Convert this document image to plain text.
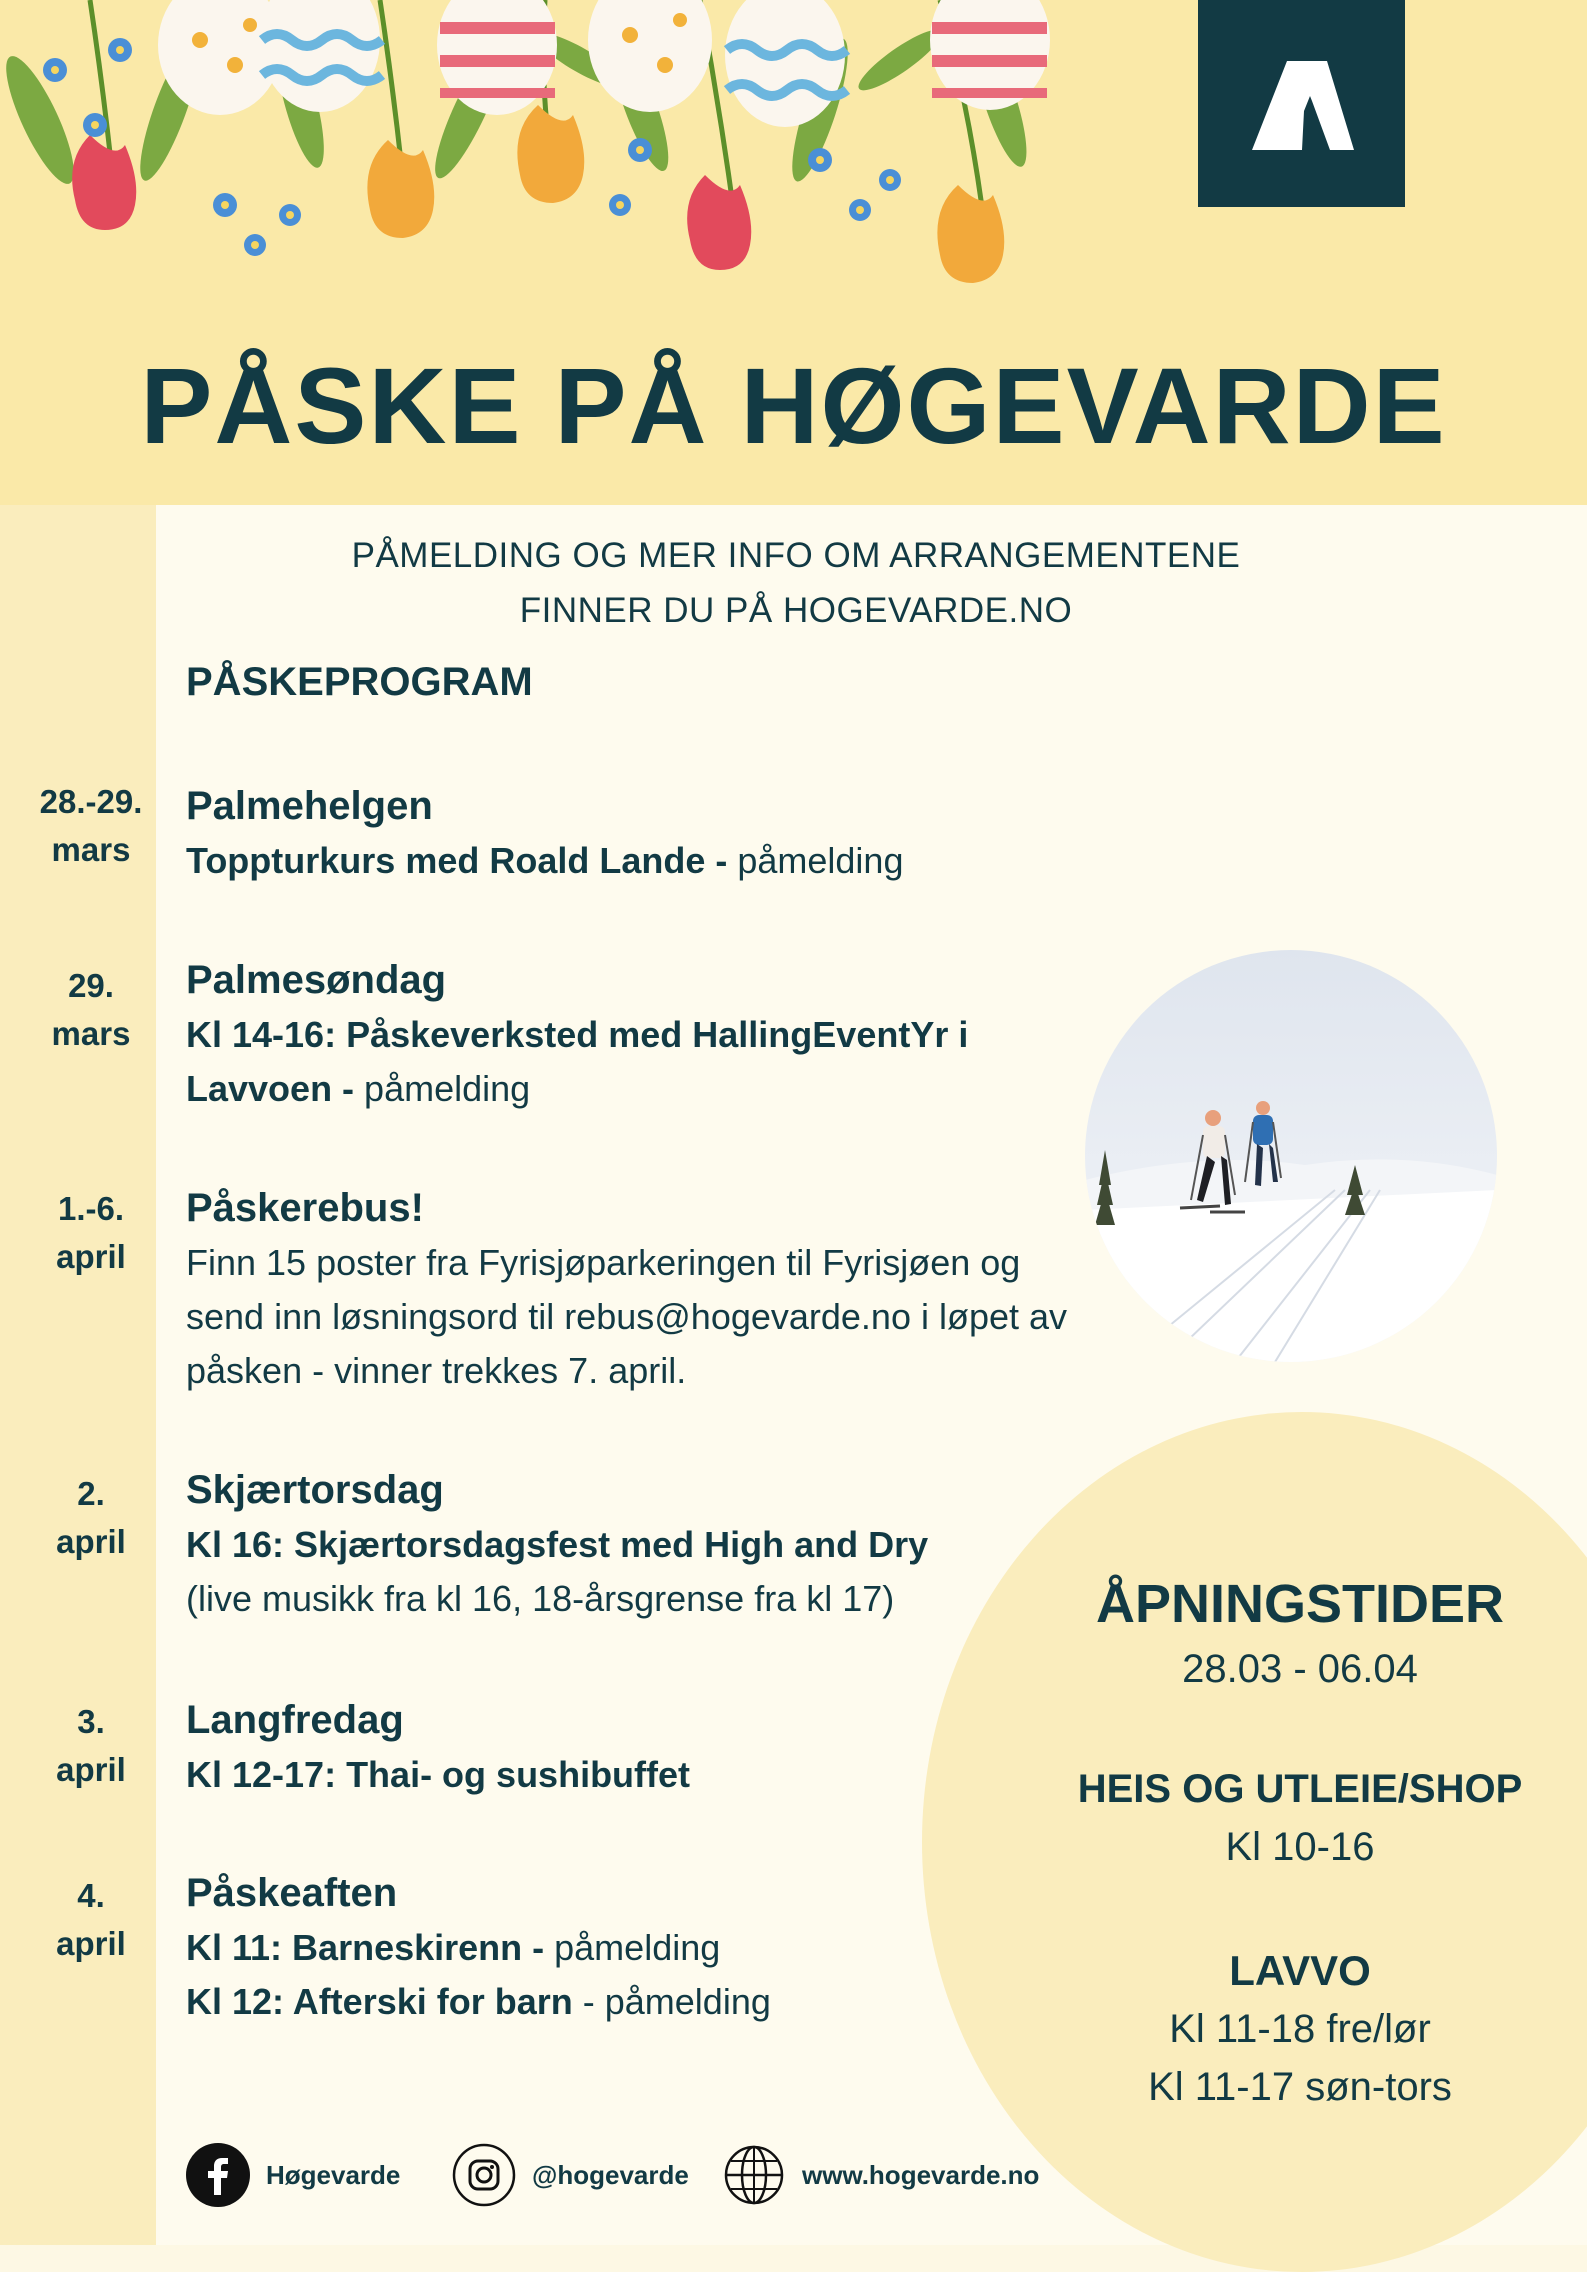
PÅSKE PÅ HØGEVARDE
PÅMELDING OG MER INFO OM ARRANGEMENTENE
FINNER DU PÅ HOGEVARDE.NO
PÅSKEPROGRAM
28.-29.
mars
Palmehelgen
Toppturkurs med Roald Lande - påmelding
29.
mars
Palmesøndag
Kl 14-16: Påskeverksted med HallingEventYr i
Lavvoen - påmelding
1.-6.
april
Påskerebus!
Finn 15 poster fra Fyrisjøparkeringen til Fyrisjøen og
send inn løsningsord til rebus@hogevarde.no i løpet av
påsken - vinner trekkes 7. april.
2.
april
Skjærtorsdag
Kl 16: Skjærtorsdagsfest med High and Dry
(live musikk fra kl 16, 18-årsgrense fra kl 17)
3.
april
Langfredag
Kl 12-17: Thai- og sushibuffet
4.
april
Påskeaften
Kl 11: Barneskirenn - påmelding
Kl 12: Afterski for barn - påmelding
ÅPNINGSTIDER
28.03 - 06.04
HEIS OG UTLEIE/SHOP
Kl 10-16
LAVVO
Kl 11-18 fre/lør
Kl 11-17 søn-tors
Høgevarde	@hogevarde	www.hogevarde.no
